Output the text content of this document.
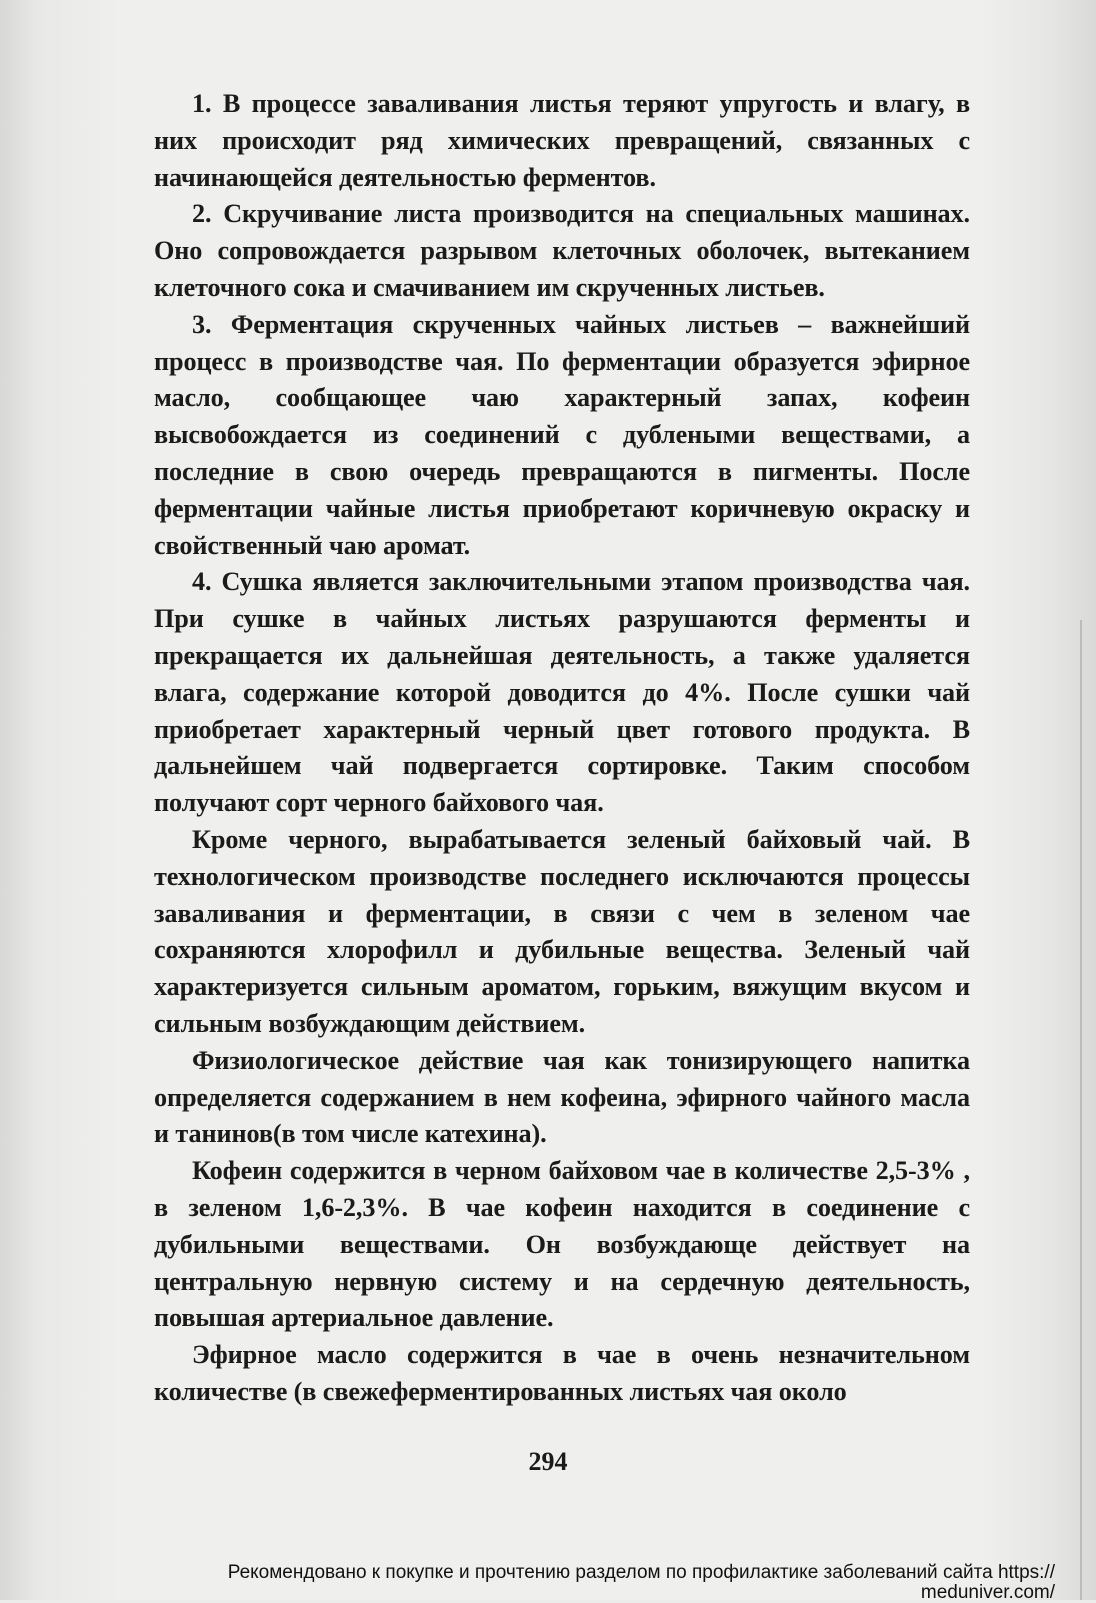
1. В процессе заваливания листья теряют упругость и влагу, в них происходит ряд химических превращений, связанных с начинающейся деятельностью ферментов.

2. Скручивание листа производится на специальных машинах. Оно сопровождается разрывом клеточных оболочек, вытеканием клеточного сока и смачиванием им скрученных листьев.

3. Ферментация скрученных чайных листьев – важнейший процесс в производстве чая. По ферментации образуется эфирное масло, сообщающее чаю характерный запах, кофеин высвобождается из соединений с дублеными веществами, а последние в свою очередь превращаются в пигменты. После ферментации чайные листья приобретают коричневую окраску и свойственный чаю аромат.

4. Сушка является заключительными этапом производства чая. При сушке в чайных листьях разрушаются ферменты и прекращается их дальнейшая деятельность, а также удаляется влага, содержание которой доводится до 4%. После сушки чай приобретает характерный черный цвет готового продукта. В дальнейшем чай подвергается сортировке. Таким способом получают сорт черного байхового чая.

Кроме черного, вырабатывается зеленый байховый чай. В технологическом производстве последнего исключаются процессы заваливания и ферментации, в связи с чем в зеленом чае сохраняются хлорофилл и дубильные вещества. Зеленый чай характеризуется сильным ароматом, горьким, вяжущим вкусом и сильным возбуждающим действием.

Физиологическое действие чая как тонизирующего напитка определяется содержанием в нем кофеина, эфирного чайного масла и танинов(в том числе катехина).

Кофеин содержится в черном байховом чае в количестве 2,5-3% , в зеленом 1,6-2,3%. В чае кофеин находится в соединение с дубильными веществами. Он возбуждающе действует на центральную нервную систему и на сердечную деятельность, повышая артериальное давление.

Эфирное масло содержится в чае в очень незначительном количестве (в свежеферментированных листьях чая около

294
Рекомендовано к покупке и прочтению разделом по профилактике заболеваний сайта https://
meduniver.com/
